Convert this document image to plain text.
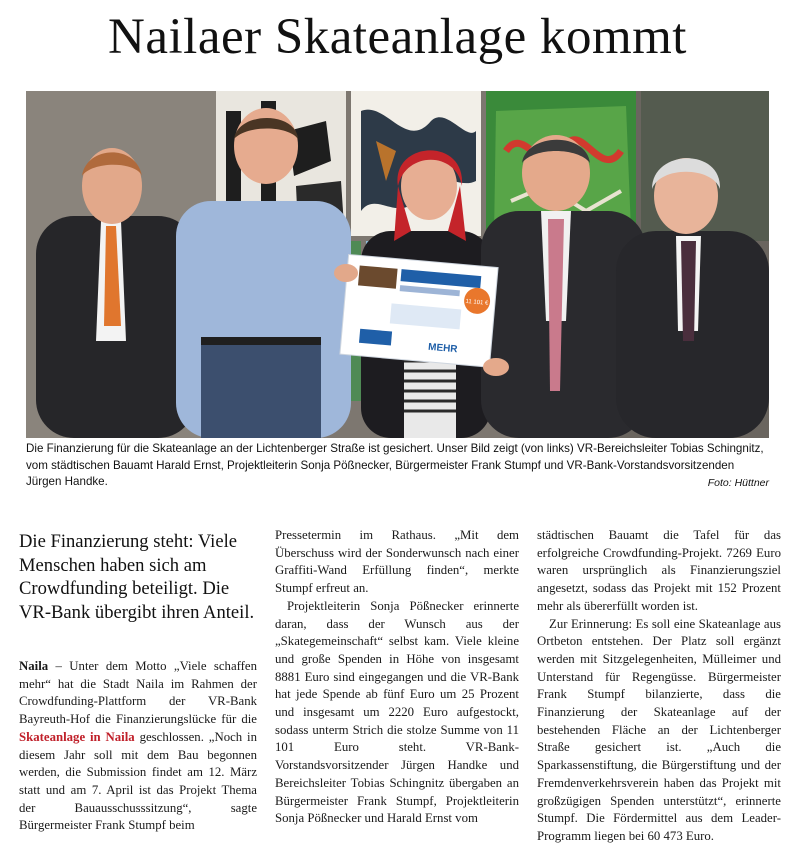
Nailaer Skateanlage kommt
11 101 €
MEHR

Die Finanzierung für die Skateanlage an der Lichtenberger Straße ist gesichert. Unser Bild zeigt (von links) VR-Bereichsleiter Tobias Schingnitz, vom städtischen Bauamt Harald Ernst, Projektleiterin Sonja Pößnecker, Bürgermeister Frank Stumpf und VR-Bank-Vorstandsvorsitzenden Jürgen Handke.	Foto: Hüttner

Die Finanzierung steht: Viele Menschen haben sich am Crowdfunding beteiligt. Die VR-Bank übergibt ihren Anteil.

Naila – Unter dem Motto „Viele schaffen mehr“ hat die Stadt Naila im Rahmen der Crowdfunding-Plattform der VR-Bank Bayreuth-Hof die Finanzierungslücke für die Skateanlage in Naila geschlossen. „Noch in diesem Jahr soll mit dem Bau begonnen werden, die Submission findet am 12. März statt und am 7. April ist das Projekt Thema der Bauausschusssitzung“, sagte Bürgermeister Frank Stumpf beim

Pressetermin im Rathaus. „Mit dem Überschuss wird der Sonderwunsch nach einer Graffiti-Wand Erfüllung finden“, merkte Stumpf erfreut an.

Projektleiterin Sonja Pößnecker erinnerte daran, dass der Wunsch aus der „Skategemeinschaft“ selbst kam. Viele kleine und große Spenden in Höhe von insgesamt 8881 Euro sind eingegangen und die VR-Bank hat jede Spende ab fünf Euro um 25 Prozent und insgesamt um 2220 Euro aufgestockt, sodass unterm Strich die stolze Summe von 11 101 Euro steht. VR-Bank-Vorstandsvorsitzender Jürgen Handke und Bereichsleiter Tobias Schingnitz übergaben an Bürgermeister Frank Stumpf, Projektleiterin Sonja Pößnecker und Harald Ernst vom

städtischen Bauamt die Tafel für das erfolgreiche Crowdfunding-Projekt. 7269 Euro waren ursprünglich als Finanzierungsziel angesetzt, sodass das Projekt mit 152 Prozent mehr als übererfüllt worden ist.

Zur Erinnerung: Es soll eine Skateanlage aus Ortbeton entstehen. Der Platz soll ergänzt werden mit Sitzgelegenheiten, Mülleimer und Unterstand für Regengüsse. Bürgermeister Frank Stumpf bilanzierte, dass die Finanzierung der Skateanlage auf der bestehenden Fläche an der Lichtenberger Straße gesichert ist. „Auch die Sparkassenstiftung, die Bürgerstiftung und der Fremdenverkehrsverein haben das Projekt mit großzügigen Spenden unterstützt“, erinnerte Stumpf. Die Fördermittel aus dem Leader-Programm liegen bei 60 473 Euro.
